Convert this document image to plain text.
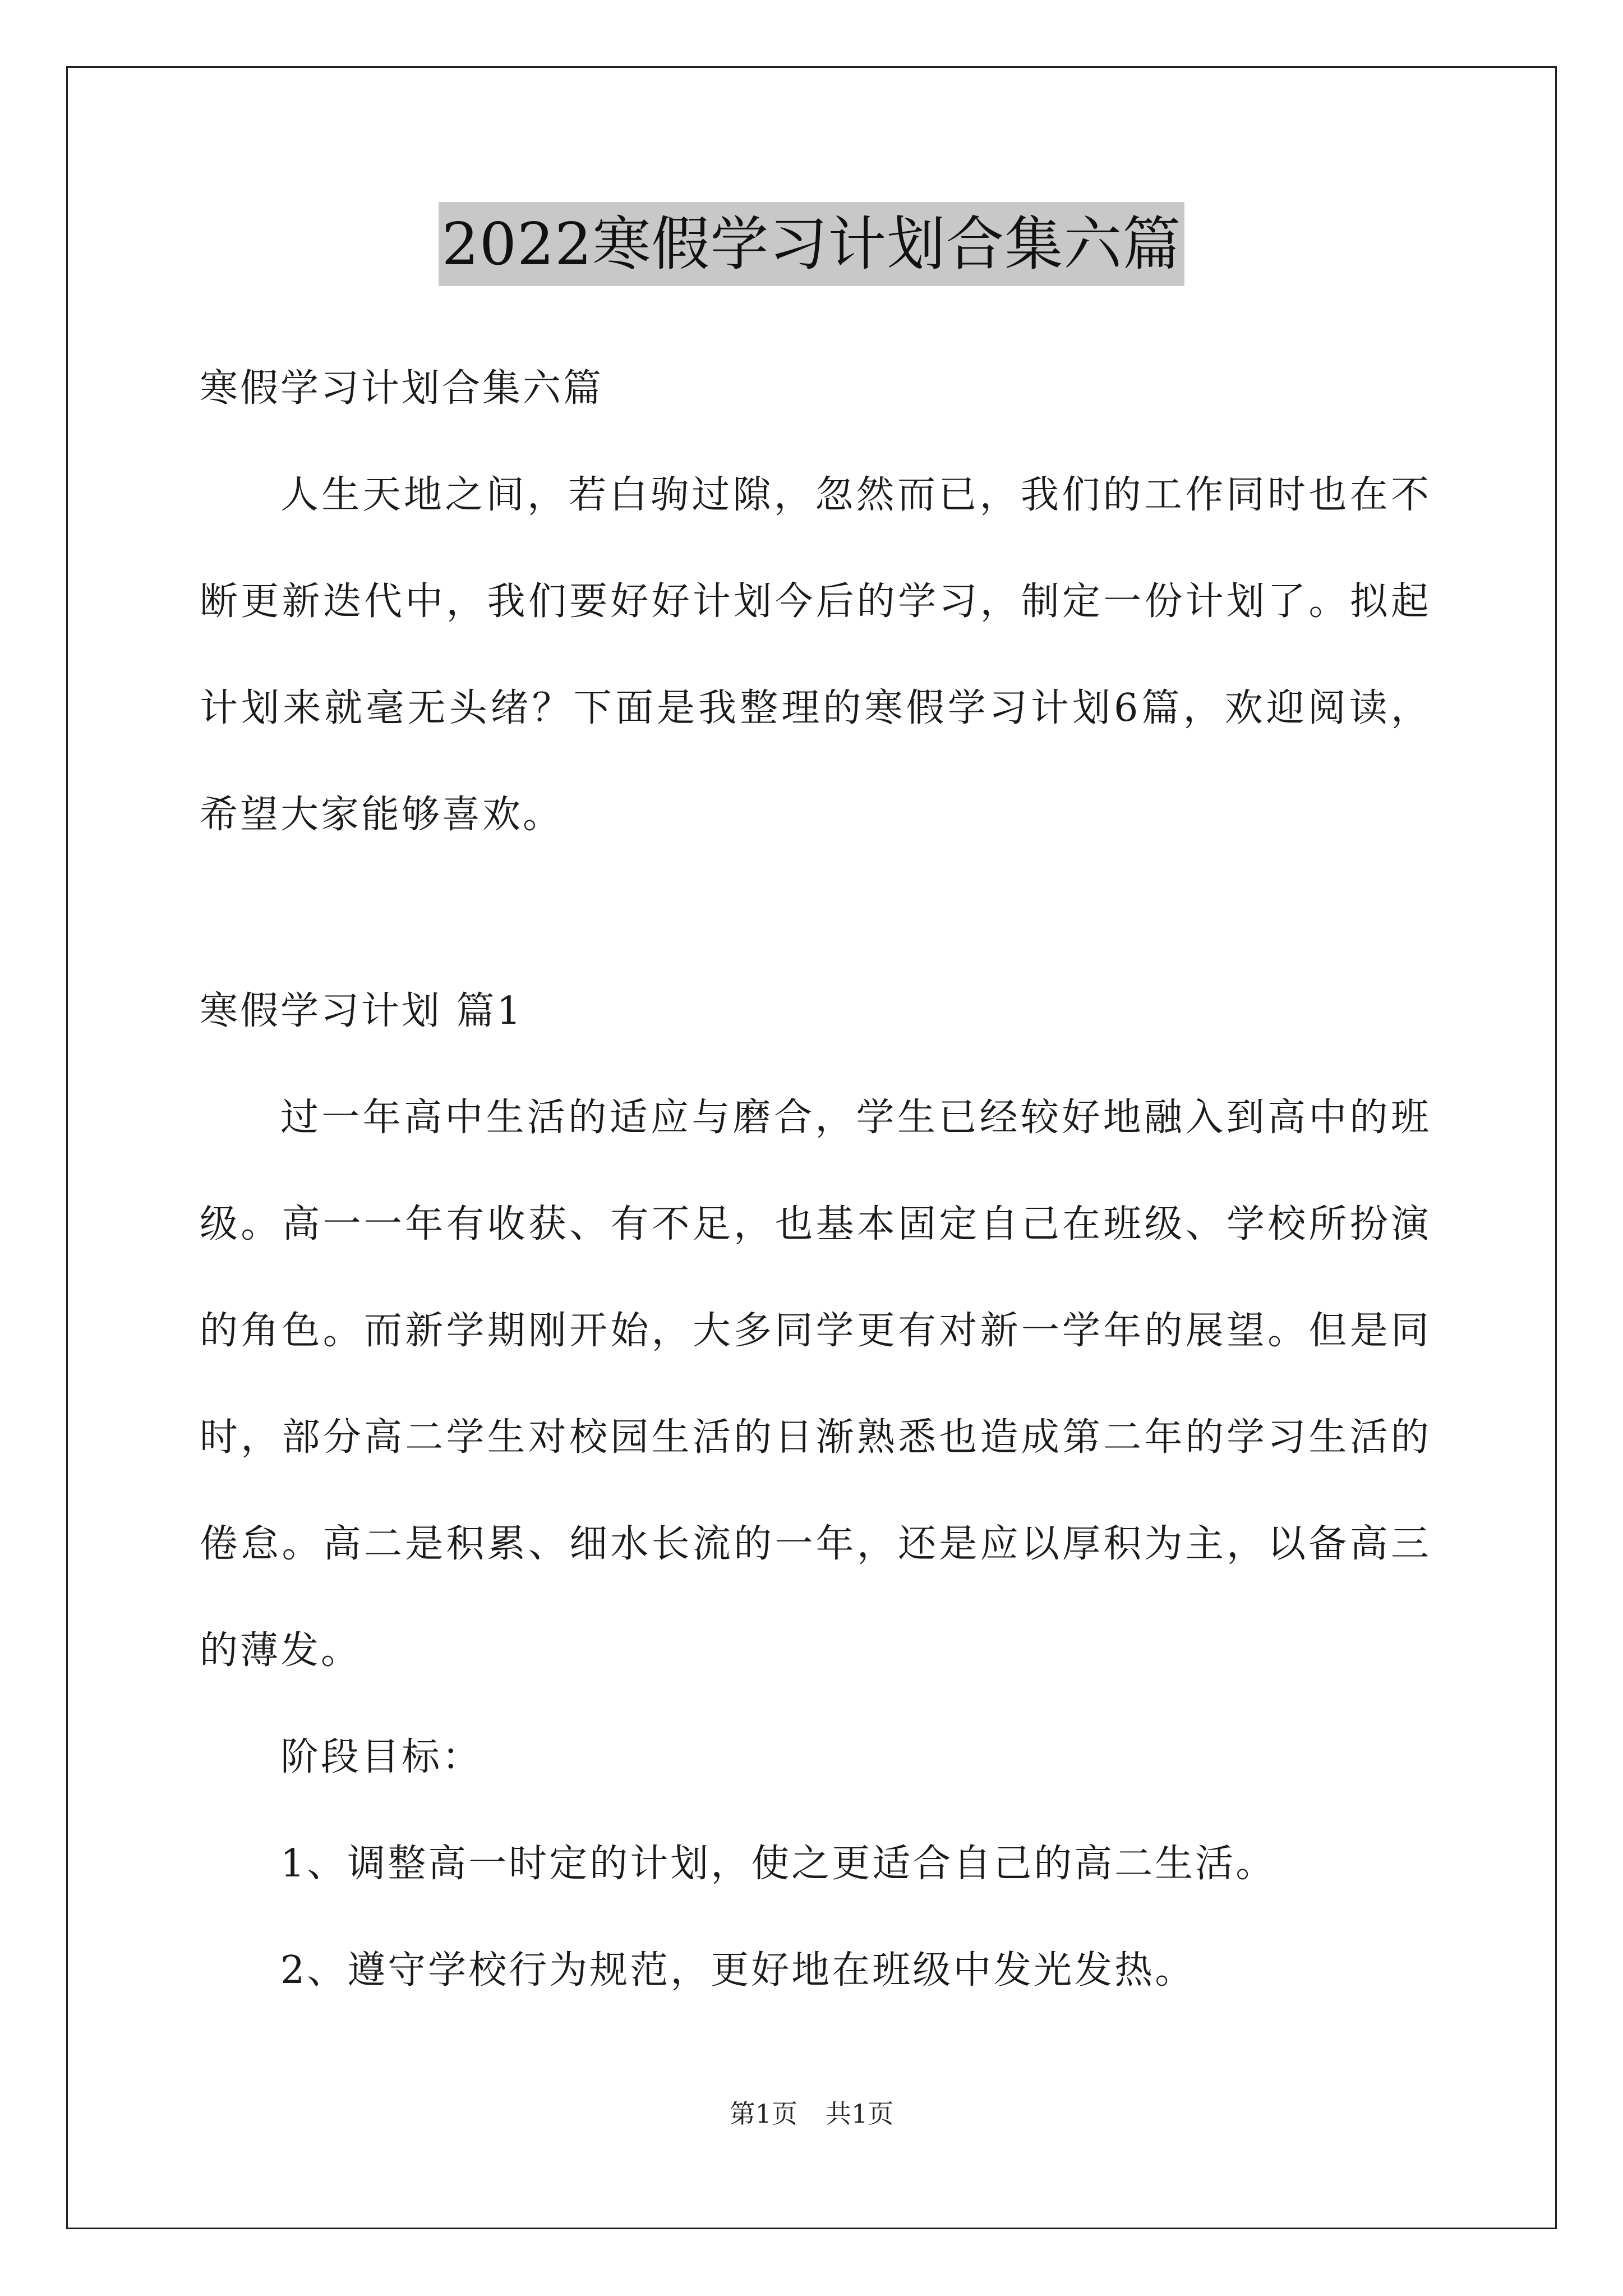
2022寒假学习计划合集六篇

寒假学习计划合集六篇

人生天地之间，若白驹过隙，忽然而已，我们的工作同时也在不断更新迭代中，我们要好好计划今后的学习，制定一份计划了。拟起计划来就毫无头绪？下面是我整理的寒假学习计划6篇，欢迎阅读，希望大家能够喜欢。

寒假学习计划 篇1

过一年高中生活的适应与磨合，学生已经较好地融入到高中的班级。高一一年有收获、有不足，也基本固定自己在班级、学校所扮演的角色。而新学期刚开始，大多同学更有对新一学年的展望。但是同时，部分高二学生对校园生活的日渐熟悉也造成第二年的学习生活的倦怠。高二是积累、细水长流的一年，还是应以厚积为主，以备高三的薄发。

阶段目标：

1、调整高一时定的计划，使之更适合自己的高二生活。

2、遵守学校行为规范，更好地在班级中发光发热。

第1页 共1页
